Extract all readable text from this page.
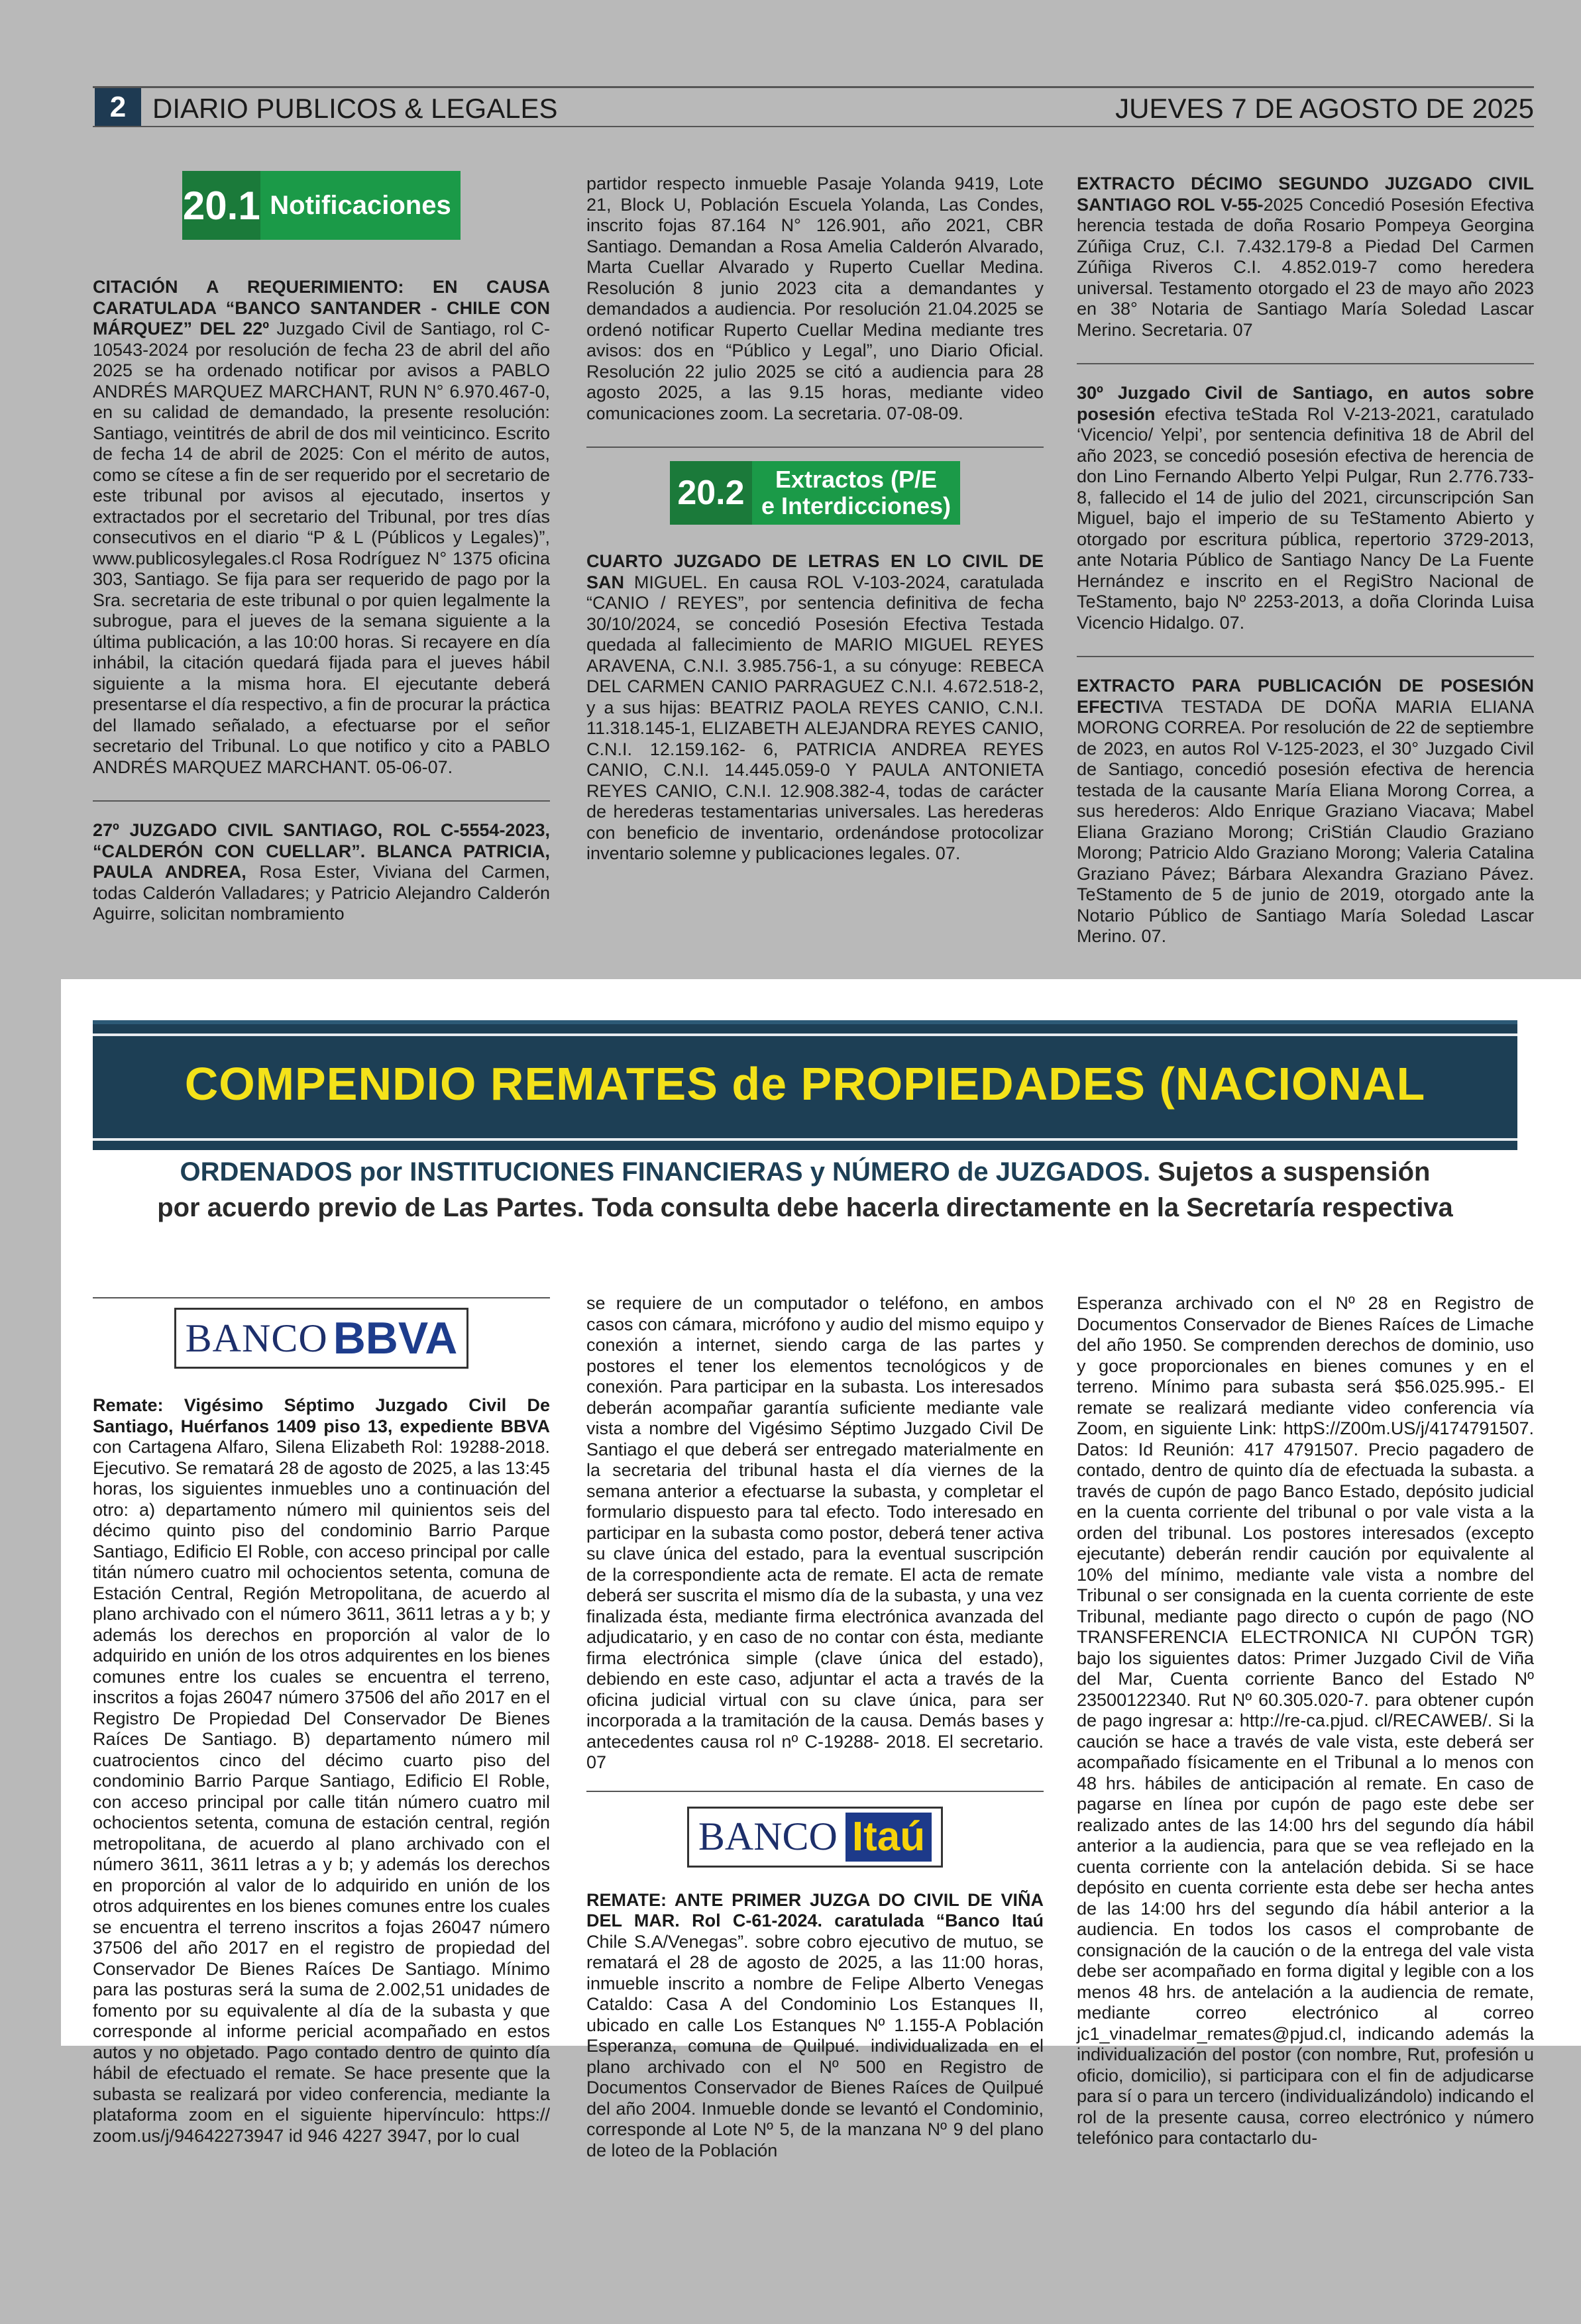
2 DIARIO PUBLICOS & LEGALES	JUEVES 7 DE AGOSTO DE 2025
20.1 Notificaciones

CITACIÓN A REQUERIMIENTO: EN CAUSA CARATULADA “BANCO SANTANDER - CHILE CON MÁRQUEZ” DEL 22º Juzgado Civil de Santiago, rol C-10543-2024 por resolución de fecha 23 de abril del año 2025 se ha ordenado notificar por avisos a PABLO ANDRÉS MARQUEZ MARCHANT, RUN N° 6.970.467-0, en su calidad de demandado, la presente resolución: Santiago, veintitrés de abril de dos mil veinticinco. Escrito de fecha 14 de abril de 2025: Con el mérito de autos, como se cítese a fin de ser requerido por el secretario de este tribunal por avisos al ejecutado, insertos y extractados por el secretario del Tribunal, por tres días consecutivos en el diario “P & L (Públicos y Legales)”, www.publicosylegales.cl Rosa Rodríguez N° 1375 oficina 303, Santiago. Se fija para ser requerido de pago por la Sra. secretaria de este tribunal o por quien legalmente la subrogue, para el jueves de la semana siguiente a la última publicación, a las 10:00 horas. Si recayere en día inhábil, la citación quedará fijada para el jueves hábil siguiente a la misma hora. El ejecutante deberá presentarse el día respectivo, a fin de procurar la práctica del llamado señalado, a efectuarse por el señor secretario del Tribunal. Lo que notifico y cito a PABLO ANDRÉS MARQUEZ MARCHANT. 05-06-07.

27º JUZGADO CIVIL SANTIAGO, ROL C-5554-2023, “CALDERÓN CON CUELLAR”. BLANCA PATRICIA, PAULA ANDREA, Rosa Ester, Viviana del Carmen, todas Calderón Valladares; y Patricio Alejandro Calderón Aguirre, solicitan nombramiento

partidor respecto inmueble Pasaje Yolanda 9419, Lote 21, Block U, Población Escuela Yolanda, Las Condes, inscrito fojas 87.164 N° 126.901, año 2021, CBR Santiago. Demandan a Rosa Amelia Calderón Alvarado, Marta Cuellar Alvarado y Ruperto Cuellar Medina. Resolución 8 junio 2023 cita a demandantes y demandados a audiencia. Por resolución 21.04.2025 se ordenó notificar Ruperto Cuellar Medina mediante tres avisos: dos en “Público y Legal”, uno Diario Oficial. Resolución 22 julio 2025 se citó a audiencia para 28 agosto 2025, a las 9.15 horas, mediante video comunicaciones zoom. La secretaria. 07-08-09.

20.2	Extractos (P/E
e Interdicciones)

CUARTO JUZGADO DE LETRAS EN LO CIVIL DE SAN MIGUEL. En causa ROL V-103-2024, caratulada “CANIO / REYES”, por sentencia definitiva de fecha 30/10/2024, se concedió Posesión Efectiva Testada quedada al fallecimiento de MARIO MIGUEL REYES ARAVENA, C.N.I. 3.985.756-1, a su cónyuge: REBECA DEL CARMEN CANIO PARRAGUEZ C.N.I. 4.672.518-2, y a sus hijas: BEATRIZ PAOLA REYES CANIO, C.N.I. 11.318.145-1, ELIZABETH ALEJANDRA REYES CANIO, C.N.I. 12.159.162- 6, PATRICIA ANDREA REYES CANIO, C.N.I. 14.445.059-0 Y PAULA ANTONIETA REYES CANIO, C.N.I. 12.908.382-4, todas de carácter de herederas testamentarias universales. Las herederas con beneficio de inventario, ordenándose protocolizar inventario solemne y publicaciones legales. 07.

EXTRACTO DÉCIMO SEGUNDO JUZGADO CIVIL SANTIAGO ROL V-55-2025 Concedió Posesión Efectiva herencia testada de doña Rosario Pompeya Georgina Zúñiga Cruz, C.I. 7.432.179-8 a Piedad Del Carmen Zúñiga Riveros C.I. 4.852.019-7 como heredera universal. Testamento otorgado el 23 de mayo año 2023 en 38° Notaria de Santiago María Soledad Lascar Merino. Secretaria. 07

30º Juzgado Civil de Santiago, en autos sobre posesión efectiva teStada Rol V-213-2021, caratulado ‘Vicencio/ Yelpi’, por sentencia definitiva 18 de Abril del año 2023, se concedió posesión efectiva de herencia de don Lino Fernando Alberto Yelpi Pulgar, Run 2.776.733-8, fallecido el 14 de julio del 2021, circunscripción San Miguel, bajo el imperio de su TeStamento Abierto y otorgado por escritura pública, repertorio 3729-2013, ante Notaria Público de Santiago Nancy De La Fuente Hernández e inscrito en el RegiStro Nacional de TeStamento, bajo Nº 2253-2013, a doña Clorinda Luisa Vicencio Hidalgo. 07.

EXTRACTO PARA PUBLICACIÓN DE POSESIÓN EFECTIVA TESTADA DE DOÑA MARIA ELIANA MORONG CORREA. Por resolución de 22 de septiembre de 2023, en autos Rol V-125-2023, el 30° Juzgado Civil de Santiago, concedió posesión efectiva de herencia testada de la causante María Eliana Morong Correa, a sus herederos: Aldo Enrique Graziano Viacava; Mabel Eliana Graziano Morong; CriStián Claudio Graziano Morong; Patricio Aldo Graziano Morong; Valeria Catalina Graziano Pávez; Bárbara Alexandra Graziano Pávez. TeStamento de 5 de junio de 2019, otorgado ante la Notario Público de Santiago María Soledad Lascar Merino. 07.

COMPENDIO REMATES de PROPIEDADES (NACIONAL
ORDENADOS por INSTITUCIONES FINANCIERAS y NÚMERO de JUZGADOS. Sujetos a suspensión
por acuerdo previo de Las Partes. Toda consulta debe hacerla directamente en la Secretaría respectiva
BANCO BBVA

Remate: Vigésimo Séptimo Juzgado Civil De Santiago, Huérfanos 1409 piso 13, expediente BBVA con Cartagena Alfaro, Silena Elizabeth Rol: 19288-2018. Ejecutivo. Se rematará 28 de agosto de 2025, a las 13:45 horas, los siguientes inmuebles uno a continuación del otro: a) departamento número mil quinientos seis del décimo quinto piso del condominio Barrio Parque Santiago, Edificio El Roble, con acceso principal por calle titán número cuatro mil ochocientos setenta, comuna de Estación Central, Región Metropolitana, de acuerdo al plano archivado con el número 3611, 3611 letras a y b; y además los derechos en proporción al valor de lo adquirido en unión de los otros adquirentes en los bienes comunes entre los cuales se encuentra el terreno, inscritos a fojas 26047 número 37506 del año 2017 en el Registro De Propiedad Del Conservador De Bienes Raíces De Santiago. B) departamento número mil cuatrocientos cinco del décimo cuarto piso del condominio Barrio Parque Santiago, Edificio El Roble, con acceso principal por calle titán número cuatro mil ochocientos setenta, comuna de estación central, región metropolitana, de acuerdo al plano archivado con el número 3611, 3611 letras a y b; y además los derechos en proporción al valor de lo adquirido en unión de los otros adquirentes en los bienes comunes entre los cuales se encuentra el terreno inscritos a fojas 26047 número 37506 del año 2017 en el registro de propiedad del Conservador De Bienes Raíces De Santiago. Mínimo para las posturas será la suma de 2.002,51 unidades de fomento por su equivalente al día de la subasta y que corresponde al informe pericial acompañado en estos autos y no objetado. Pago contado dentro de quinto día hábil de efectuado el remate. Se hace presente que la subasta se realizará por video conferencia, mediante la plataforma zoom en el siguiente hipervínculo: https:// zoom.us/j/94642273947 id 946 4227 3947, por lo cual

se requiere de un computador o teléfono, en ambos casos con cámara, micrófono y audio del mismo equipo y conexión a internet, siendo carga de las partes y postores el tener los elementos tecnológicos y de conexión. Para participar en la subasta. Los interesados deberán acompañar garantía suficiente mediante vale vista a nombre del Vigésimo Séptimo Juzgado Civil De Santiago el que deberá ser entregado materialmente en la secretaria del tribunal hasta el día viernes de la semana anterior a efectuarse la subasta, y completar el formulario dispuesto para tal efecto. Todo interesado en participar en la subasta como postor, deberá tener activa su clave única del estado, para la eventual suscripción de la correspondiente acta de remate. El acta de remate deberá ser suscrita el mismo día de la subasta, y una vez finalizada ésta, mediante firma electrónica avanzada del adjudicatario, y en caso de no contar con ésta, mediante firma electrónica simple (clave única del estado), debiendo en este caso, adjuntar el acta a través de la oficina judicial virtual con su clave única, para ser incorporada a la tramitación de la causa. Demás bases y antecedentes causa rol nº C-19288- 2018. El secretario. 07

BANCO Itaú

REMATE: ANTE PRIMER JUZGA DO CIVIL DE VIÑA DEL MAR. Rol C-61-2024. caratulada “Banco Itaú Chile S.A/Venegas”. sobre cobro ejecutivo de mutuo, se rematará el 28 de agosto de 2025, a las 11:00 horas, inmueble inscrito a nombre de Felipe Alberto Venegas Cataldo: Casa A del Condominio Los Estanques II, ubicado en calle Los Estanques Nº 1.155-A Población Esperanza, comuna de Quilpué. individualizada en el plano archivado con el Nº 500 en Registro de Documentos Conservador de Bienes Raíces de Quilpué del año 2004. Inmueble donde se levantó el Condominio, corresponde al Lote Nº 5, de la manzana Nº 9 del plano de loteo de la Población

Esperanza archivado con el Nº 28 en Registro de Documentos Conservador de Bienes Raíces de Limache del año 1950. Se comprenden derechos de dominio, uso y goce proporcionales en bienes comunes y en el terreno. Mínimo para subasta será $56.025.995.- El remate se realizará mediante video conferencia vía Zoom, en siguiente Link: httpS://Z00m.US/j/4174791507. Datos: Id Reunión: 417 4791507. Precio pagadero de contado, dentro de quinto día de efectuada la subasta. a través de cupón de pago Banco Estado, depósito judicial en la cuenta corriente del tribunal o por vale vista a la orden del tribunal. Los postores interesados (excepto ejecutante) deberán rendir caución por equivalente al 10% del mínimo, mediante vale vista a nombre del Tribunal o ser consignada en la cuenta corriente de este Tribunal, mediante pago directo o cupón de pago (NO TRANSFERENCIA ELECTRONICA NI CUPÓN TGR) bajo los siguientes datos: Primer Juzgado Civil de Viña del Mar, Cuenta corriente Banco del Estado Nº 23500122340. Rut Nº 60.305.020-7. para obtener cupón de pago ingresar a: http://re-ca.pjud. cl/RECAWEB/. Si la caución se hace a través de vale vista, este deberá ser acompañado físicamente en el Tribunal a lo menos con 48 hrs. hábiles de anticipación al remate. En caso de pagarse en línea por cupón de pago este debe ser realizado antes de las 14:00 hrs del segundo día hábil anterior a la audiencia, para que se vea reflejado en la cuenta corriente con la antelación debida. Si se hace depósito en cuenta corriente esta debe ser hecha antes de las 14:00 hrs del segundo día hábil anterior a la audiencia. En todos los casos el comprobante de consignación de la caución o de la entrega del vale vista debe ser acompañado en forma digital y legible con a los menos 48 hrs. de antelación a la audiencia de remate, mediante correo electrónico al correo jc1_vinadelmar_remates@pjud.cl, indicando además la individualización del postor (con nombre, Rut, profesión u oficio, domicilio), si participara con el fin de adjudicarse para sí o para un tercero (individualizándolo) indicando el rol de la presente causa, correo electrónico y número telefónico para contactarlo du-
